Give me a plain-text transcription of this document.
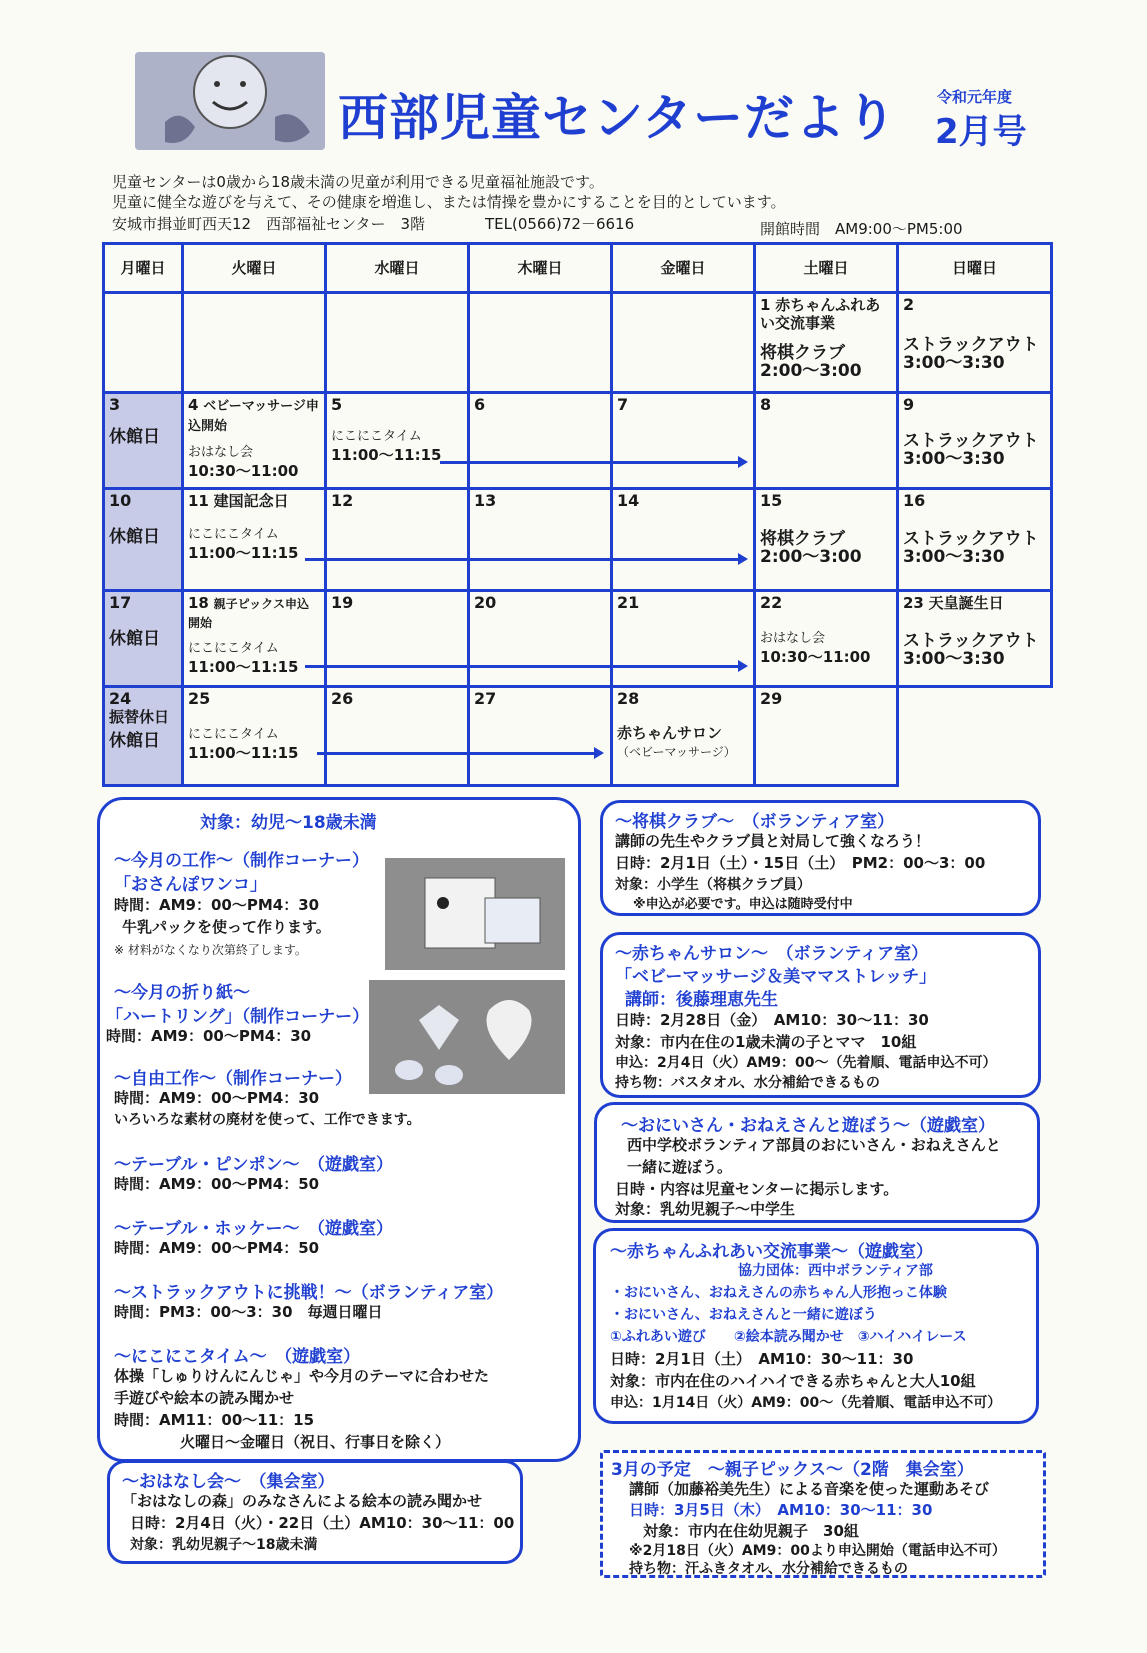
西部児童センターだより	令和元年度
2月号
児童センターは0歳から18歳未満の児童が利用できる児童福祉施設です。
児童に健全な遊びを与えて、その健康を増進し、または情操を豊かにすることを目的としています。
安城市揖並町西天12　西部福祉センター　3階	TEL(0566)72－6616	開館時間　AM9:00～PM5:00
月曜日	火曜日	水曜日	木曜日	金曜日	土曜日	日曜日
					1 赤ちゃんふれあい交流事業

将棋クラブ
2:00～3:00	2
ストラックアウト
3:00～3:30

3
休館日	4 ベビーマッサージ申込開始
おはなし会
10:30～11:00	5
にこにこタイム
11:00～11:15	6	7	8	9
ストラックアウト
3:00～3:30

10
休館日	11 建国記念日
にこにこタイム
11:00～11:15	12	13	14	15
将棋クラブ
2:00～3:00	16
ストラックアウト
3:00～3:30

17
休館日	18 親子ピックス申込開始
にこにこタイム
11:00～11:15	19	20	21	22
おはなし会
10:30～11:00	23 天皇誕生日
ストラックアウト
3:00～3:30

24
振替休日
休館日	25
にこにこタイム
11:00～11:15	26	27	28
赤ちゃんサロン
（ベビーマッサージ）	29	

対象：幼児～18歳未満
～今月の工作～（制作コーナー）
「おさんぽワンコ」
時間：AM9：00～PM4：30
牛乳パックを使って作ります。
※ 材料がなくなり次第終了します。
～今月の折り紙～
「ハートリング」（制作コーナー）
時間：AM9：00～PM4：30
～自由工作～（制作コーナー）
時間：AM9：00～PM4：30
いろいろな素材の廃材を使って、工作できます。
～テーブル・ピンポン～　（遊戯室）
時間：AM9：00～PM4：50
～テーブル・ホッケー～　（遊戯室）
時間：AM9：00～PM4：50
～ストラックアウトに挑戦！～（ボランティア室）
時間：PM3：00～3：30　毎週日曜日
～にこにこタイム～　（遊戯室）
体操「しゅりけんにんじゃ」や今月のテーマに合わせた
手遊びや絵本の読み聞かせ
時間：AM11：00～11：15
火曜日～金曜日（祝日、行事日を除く）
～おはなし会～　（集会室）
「おはなしの森」のみなさんによる絵本の読み聞かせ
日時：2月4日（火）・22日（土）AM10：30～11：00
対象：乳幼児親子～18歳未満
～将棋クラブ～　（ボランティア室）
講師の先生やクラブ員と対局して強くなろう！
日時：2月1日（土）・15日（土）　PM2：00～3：00
対象：小学生（将棋クラブ員）
※申込が必要です。申込は随時受付中
～赤ちゃんサロン～　（ボランティア室）
「ベビーマッサージ＆美ママストレッチ」
講師：後藤理恵先生
日時：2月28日（金）　AM10：30～11：30
対象：市内在住の1歳未満の子とママ　10組
申込：2月4日（火）AM9：00～（先着順、電話申込不可）
持ち物：バスタオル、水分補給できるもの
～おにいさん・おねえさんと遊ぼう～（遊戯室）
西中学校ボランティア部員のおにいさん・おねえさんと
一緒に遊ぼう。
日時・内容は児童センターに掲示します。
対象：乳幼児親子～中学生
～赤ちゃんふれあい交流事業～（遊戯室）
協力団体：西中ボランティア部
・おにいさん、おねえさんの赤ちゃん人形抱っこ体験
・おにいさん、おねえさんと一緒に遊ぼう
①ふれあい遊び　　②絵本読み聞かせ　③ハイハイレース
日時：2月1日（土）　AM10：30～11：30
対象：市内在住のハイハイできる赤ちゃんと大人10組
申込：1月14日（火）AM9：00～（先着順、電話申込不可）
3月の予定　～親子ピックス～（2階　集会室）
講師（加藤裕美先生）による音楽を使った運動あそび
日時：3月5日（木）　AM10：30～11：30
対象：市内在住幼児親子　30組
※2月18日（火）AM9：00より申込開始（電話申込不可）
持ち物：汗ふきタオル、水分補給できるもの
